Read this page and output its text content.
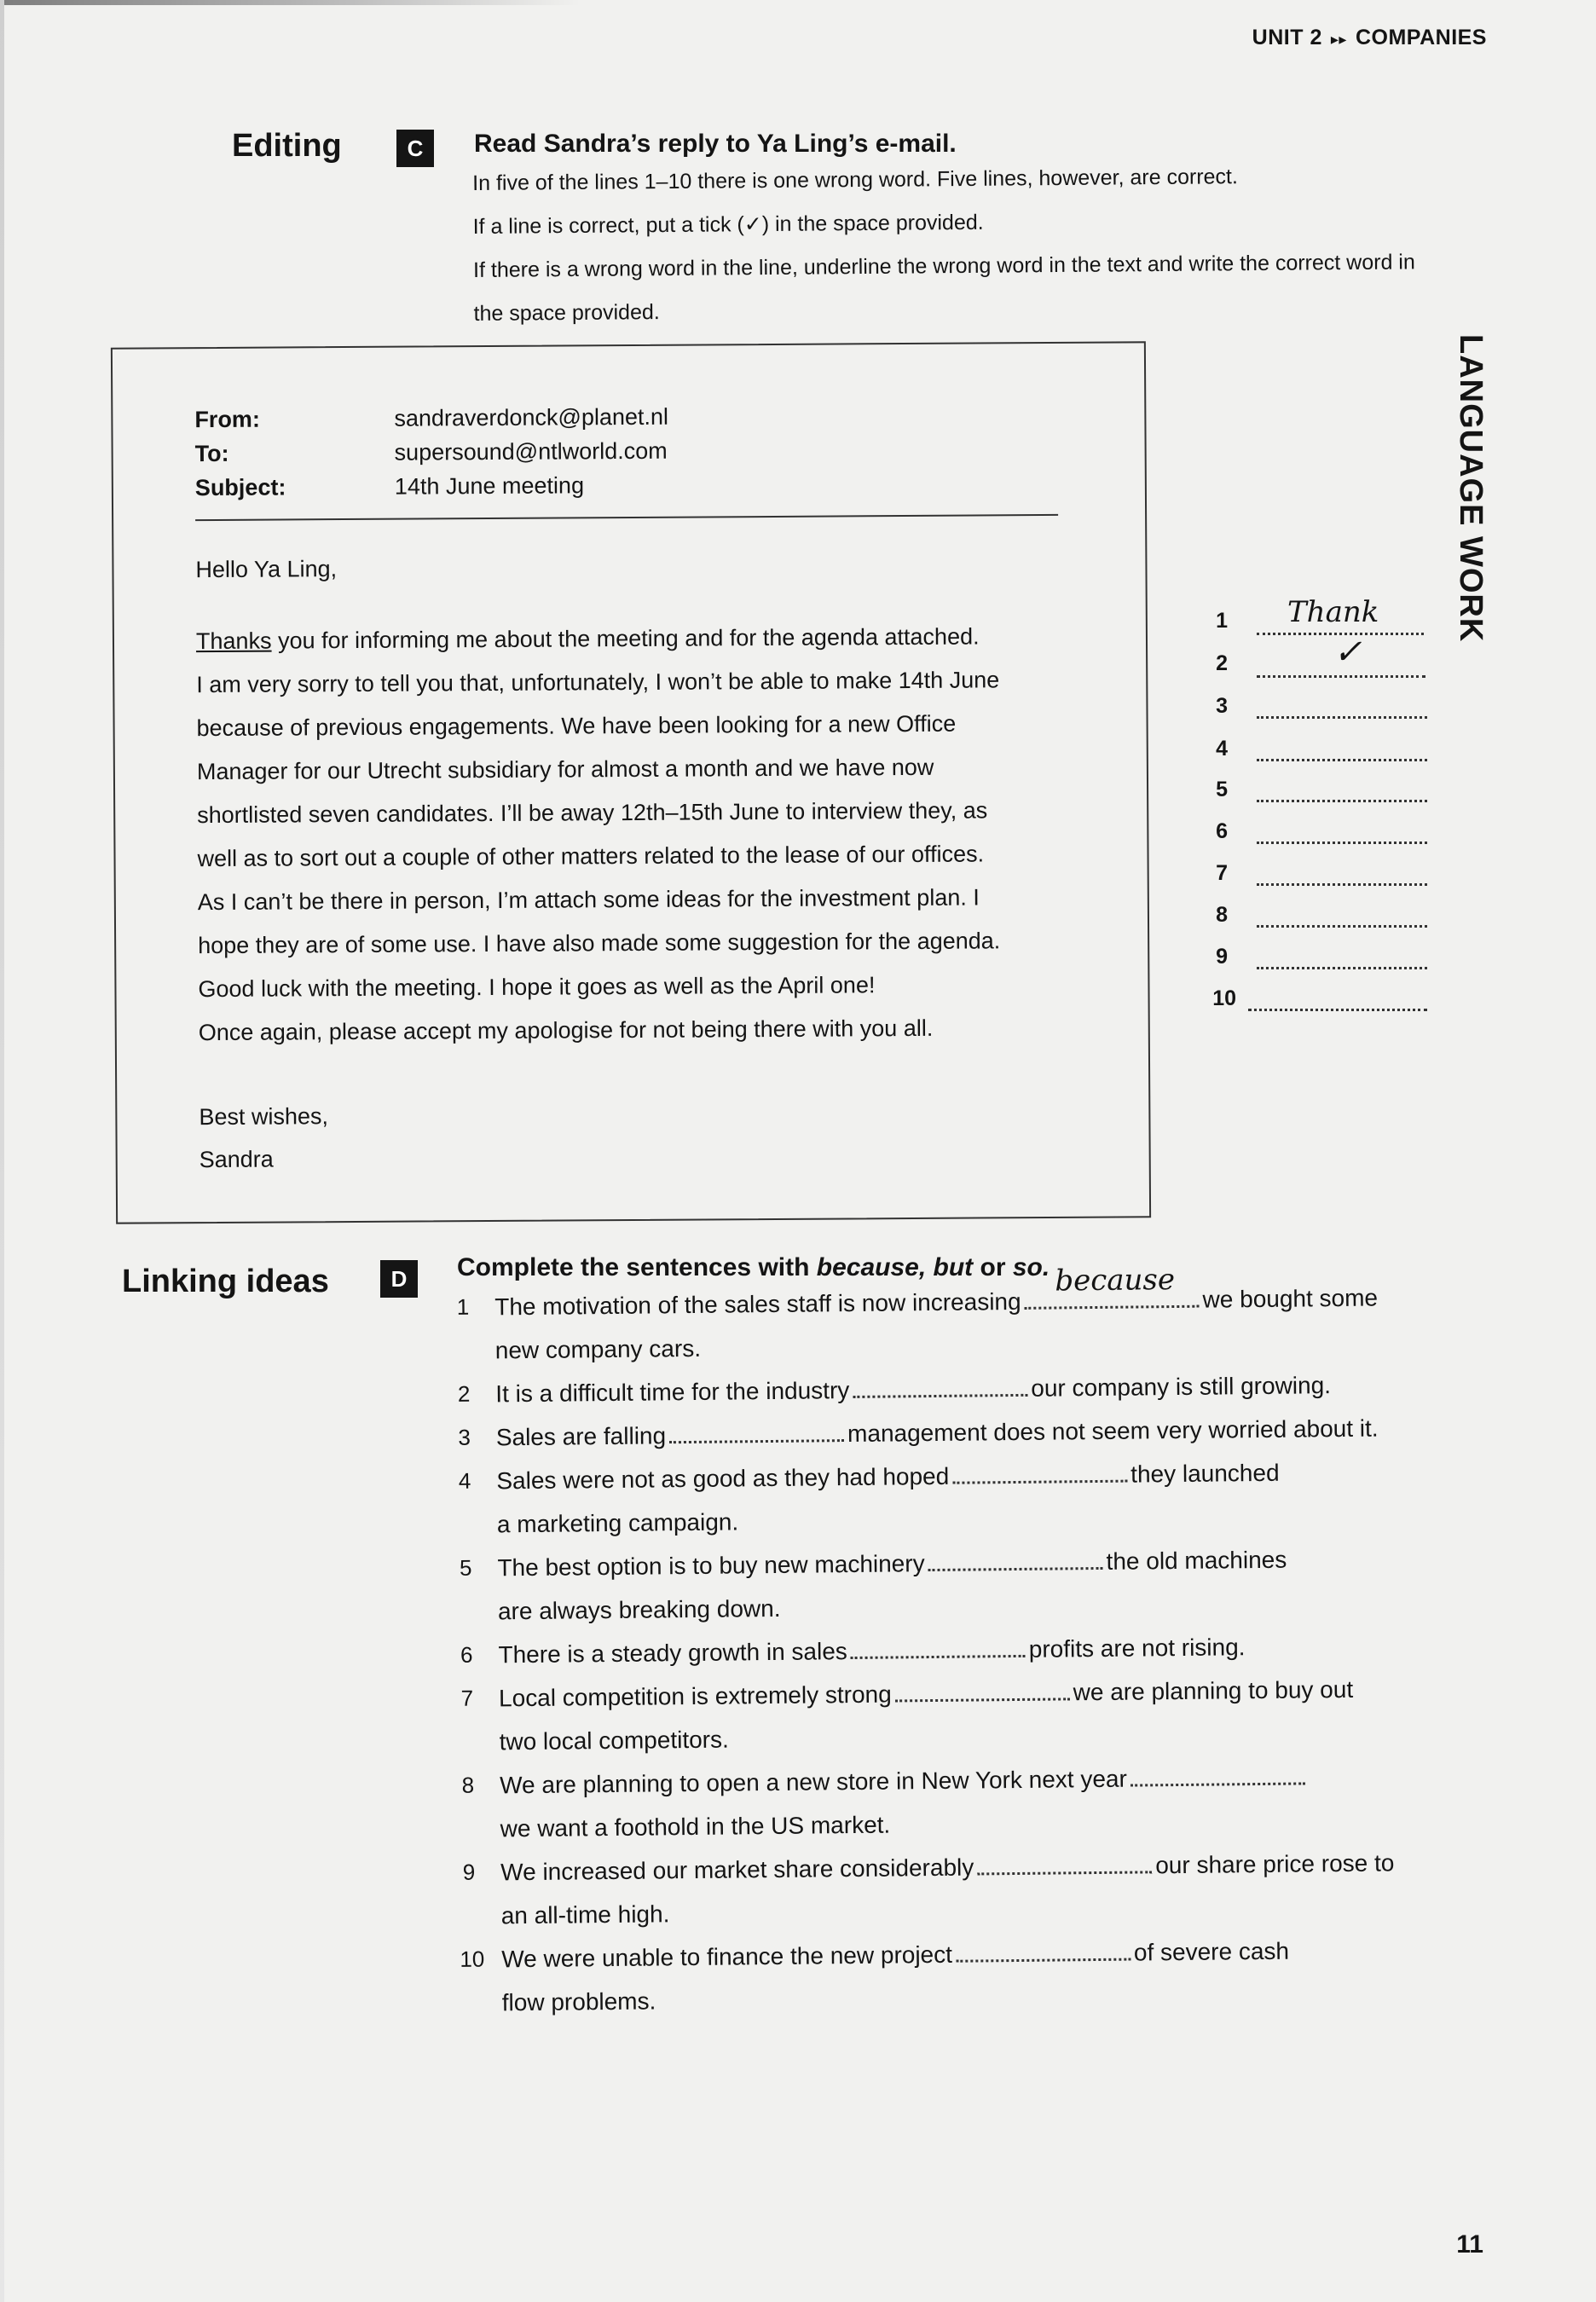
UNIT 2 ▸▸ COMPANIES
LANGUAGE WORK
Editing	C	Read Sandra’s reply to Ya Ling’s e-mail.
In five of the lines 1–10 there is one wrong word. Five lines, however, are correct.
If a line is correct, put a tick (✓) in the space provided.
If there is a wrong word in the line, underline the wrong word in the text and write the correct word in the space provided.
From:	sandraverdonck@planet.nl
To:	supersound@ntlworld.com
Subject:	14th June meeting
Hello Ya Ling,
Thanks you for informing me about the meeting and for the agenda attached.
I am very sorry to tell you that, unfortunately, I won’t be able to make 14th June
because of previous engagements. We have been looking for a new Office
Manager for our Utrecht subsidiary for almost a month and we have now
shortlisted seven candidates. I’ll be away 12th–15th June to interview they, as
well as to sort out a couple of other matters related to the lease of our offices.
As I can’t be there in person, I’m attach some ideas for the investment plan. I
hope they are of some use. I have also made some suggestion for the agenda.
Good luck with the meeting. I hope it goes as well as the April one!
Once again, please accept my apologise for not being there with you all.
Best wishes,
Sandra
1 Thank
2	✓
3
4
5
6
7
8
9
10
Linking ideas	D	Complete the sentences with because, but or so.
1 The motivation of the sales staff is now increasing
because
we bought some
new company cars.
2 It is a difficult time for the industry	our company is still growing.
3 Sales are falling	management does not seem very worried about it.
4 Sales were not as good as they had hoped	they launched
a marketing campaign.
5 The best option is to buy new machinery	the old machines
are always breaking down.
6 There is a steady growth in sales	profits are not rising.
7 Local competition is extremely strong	we are planning to buy out
two local competitors.
8 We are planning to open a new store in New York next year
we want a foothold in the US market.
9 We increased our market share considerably	our share price rose to
an all-time high.
10 We were unable to finance the new project	of severe cash
flow problems.
11
